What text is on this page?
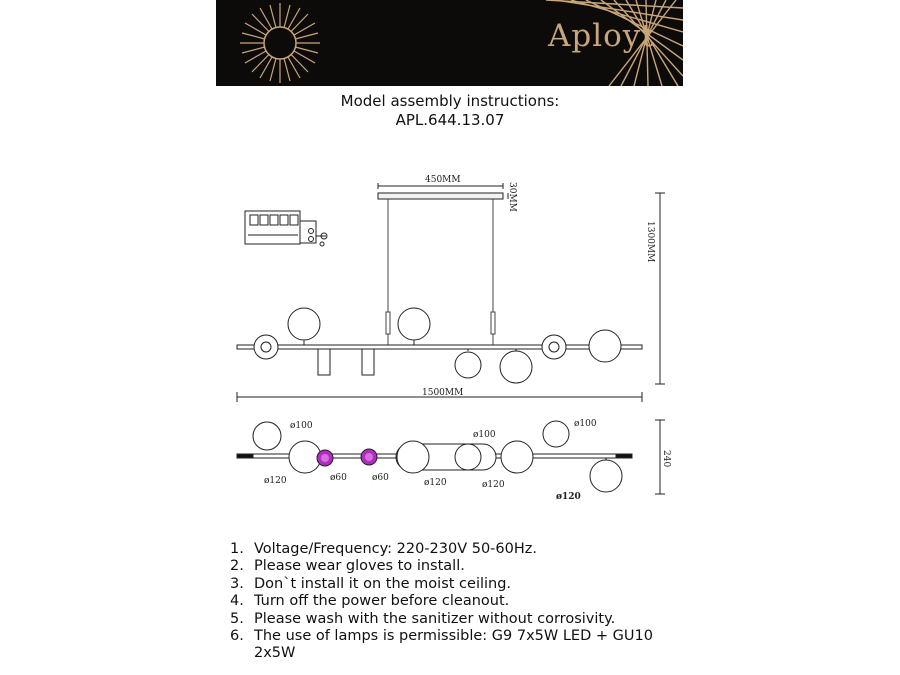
Aployt
Model assembly instructions:
APL.644.13.07
450MM
30MM
1300MM
1500MM
240
ø100
ø100
ø100
ø120	ø60	ø60	ø120	ø120
ø120
1. Voltage/Frequency: 220-230V 50-60Hz.
2. Please wear gloves to install.
3. Don`t install it on the moist ceiling.
4. Turn off the power before cleanout.
5. Please wash with the sanitizer without corrosivity.
6. The use of lamps is permissible: G9 7x5W LED + GU10 2x5W
